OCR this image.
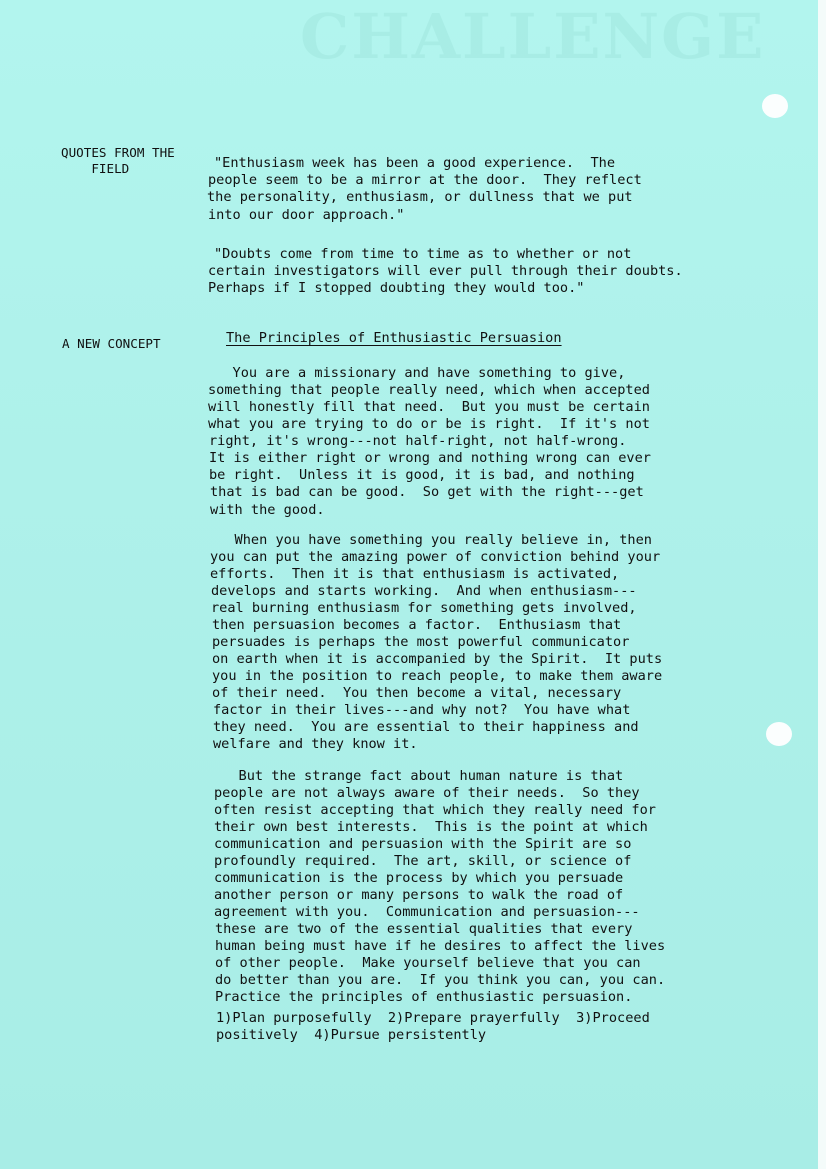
CHALLENGE
QUOTES FROM THE
FIELD
A NEW CONCEPT
"Enthusiasm week has been a good experience.  The
people seem to be a mirror at the door.  They reflect
the personality, enthusiasm, or dullness that we put
into our door approach."
"Doubts come from time to time as to whether or not
certain investigators will ever pull through their doubts.
Perhaps if I stopped doubting they would too."
The Principles of Enthusiastic Persuasion
You are a missionary and have something to give,
something that people really need, which when accepted
will honestly fill that need.  But you must be certain
what you are trying to do or be is right.  If it's not
right, it's wrong---not half-right, not half-wrong.
It is either right or wrong and nothing wrong can ever
be right.  Unless it is good, it is bad, and nothing
that is bad can be good.  So get with the right---get
with the good.
When you have something you really believe in, then
you can put the amazing power of conviction behind your
efforts.  Then it is that enthusiasm is activated,
develops and starts working.  And when enthusiasm---
real burning enthusiasm for something gets involved,
then persuasion becomes a factor.  Enthusiasm that
persuades is perhaps the most powerful communicator
on earth when it is accompanied by the Spirit.  It puts
you in the position to reach people, to make them aware
of their need.  You then become a vital, necessary
factor in their lives---and why not?  You have what
they need.  You are essential to their happiness and
welfare and they know it.
But the strange fact about human nature is that
people are not always aware of their needs.  So they
often resist accepting that which they really need for
their own best interests.  This is the point at which
communication and persuasion with the Spirit are so
profoundly required.  The art, skill, or science of
communication is the process by which you persuade
another person or many persons to walk the road of
agreement with you.  Communication and persuasion---
these are two of the essential qualities that every
human being must have if he desires to affect the lives
of other people.  Make yourself believe that you can
do better than you are.  If you think you can, you can.
Practice the principles of enthusiastic persuasion.
1)Plan purposefully  2)Prepare prayerfully  3)Proceed
positively  4)Pursue persistently
